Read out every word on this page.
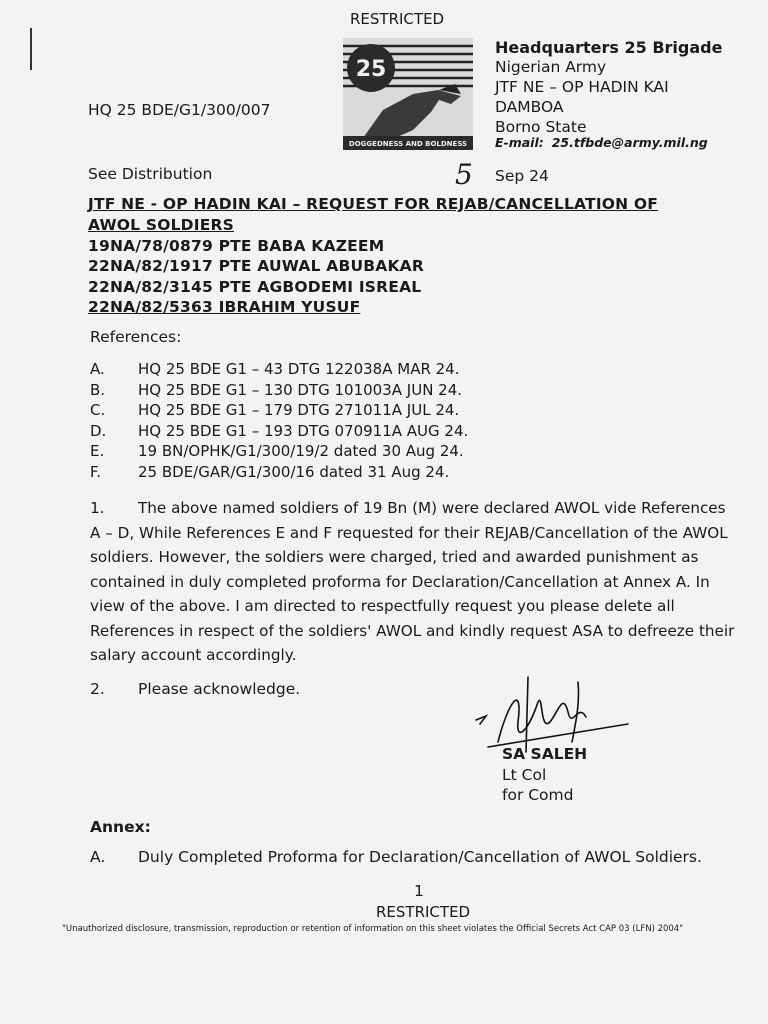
RESTRICTED
25
DOGGEDNESS AND BOLDNESS
Headquarters 25 Brigade
Nigerian Army
JTF NE – OP HADIN KAI
DAMBOA
Borno State
E-mail: 25.tfbde@army.mil.ng
HQ 25 BDE/G1/300/007
See Distribution	5 Sep 24
JTF NE - OP HADIN KAI – REQUEST FOR REJAB/CANCELLATION OF
AWOL SOLDIERS
19NA/78/0879 PTE BABA KAZEEM
22NA/82/1917 PTE AUWAL ABUBAKAR
22NA/82/3145 PTE AGBODEMI ISREAL
22NA/82/5363 IBRAHIM YUSUF
References:
A. HQ 25 BDE G1 – 43 DTG 122038A MAR 24.
B. HQ 25 BDE G1 – 130 DTG 101003A JUN 24.
C. HQ 25 BDE G1 – 179 DTG 271011A JUL 24.
D. HQ 25 BDE G1 – 193 DTG 070911A AUG 24.
E. 19 BN/OPHK/G1/300/19/2 dated 30 Aug 24.
F. 25 BDE/GAR/G1/300/16 dated 31 Aug 24.
1. The above named soldiers of 19 Bn (M) were declared AWOL vide References
A – D, While References E and F requested for their REJAB/Cancellation of the AWOL
soldiers. However, the soldiers were charged, tried and awarded punishment as
contained in duly completed proforma for Declaration/Cancellation at Annex A. In
view of the above. I am directed to respectfully request you please delete all
References in respect of the soldiers' AWOL and kindly request ASA to defreeze their
salary account accordingly.
2. Please acknowledge.
SA SALEH
Lt Col
for Comd
Annex:
A. Duly Completed Proforma for Declaration/Cancellation of AWOL Soldiers.
1
RESTRICTED
"Unauthorized disclosure, transmission, reproduction or retention of information on this sheet violates the Official Secrets Act CAP 03 (LFN) 2004"
